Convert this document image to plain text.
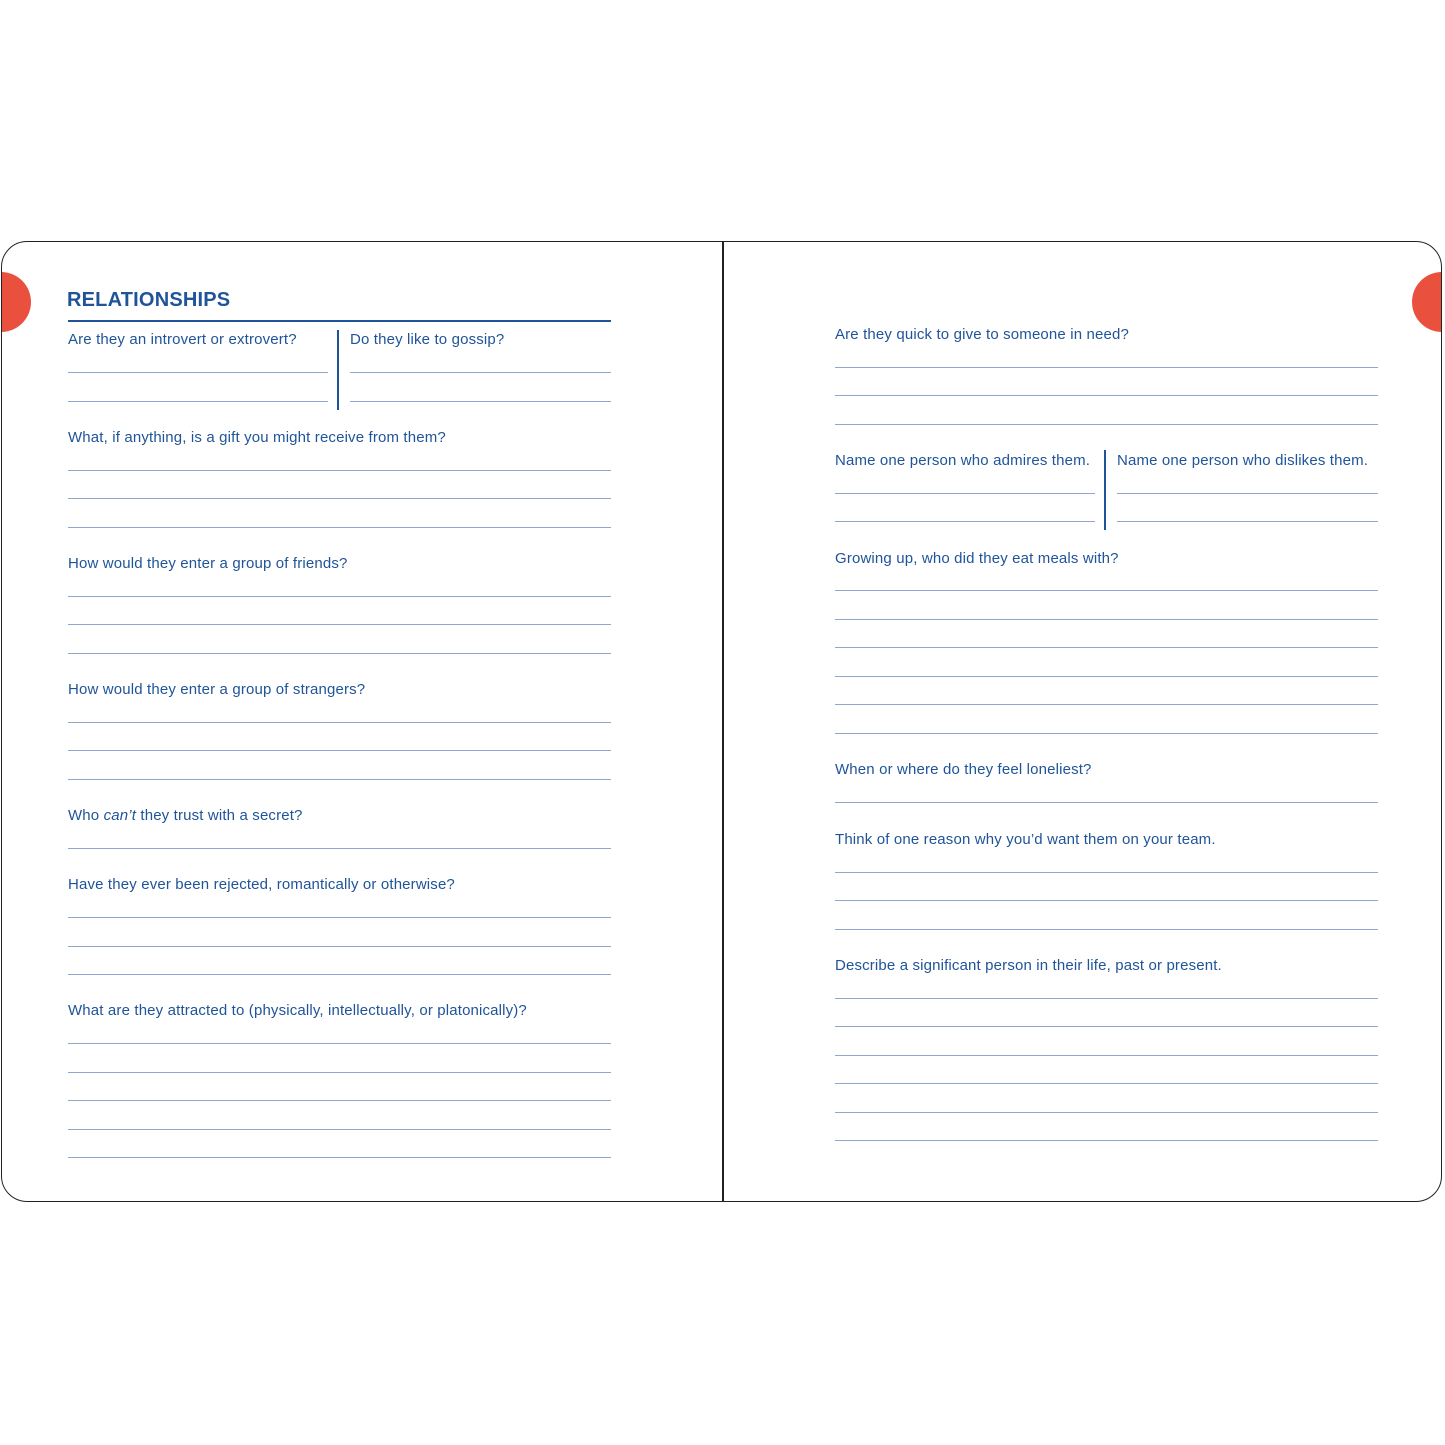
RELATIONSHIPS
Are they an introvert or extrovert?	Do they like to gossip?
What, if anything, is a gift you might receive from them?
How would they enter a group of friends?
How would they enter a group of strangers?
Who can’t they trust with a secret?
Have they ever been rejected, romantically or otherwise?
What are they attracted to (physically, intellectually, or platonically)?
Are they quick to give to someone in need?
Name one person who admires them. Name one person who dislikes them.
Growing up, who did they eat meals with?
When or where do they feel loneliest?
Think of one reason why you’d want them on your team.
Describe a significant person in their life, past or present.
